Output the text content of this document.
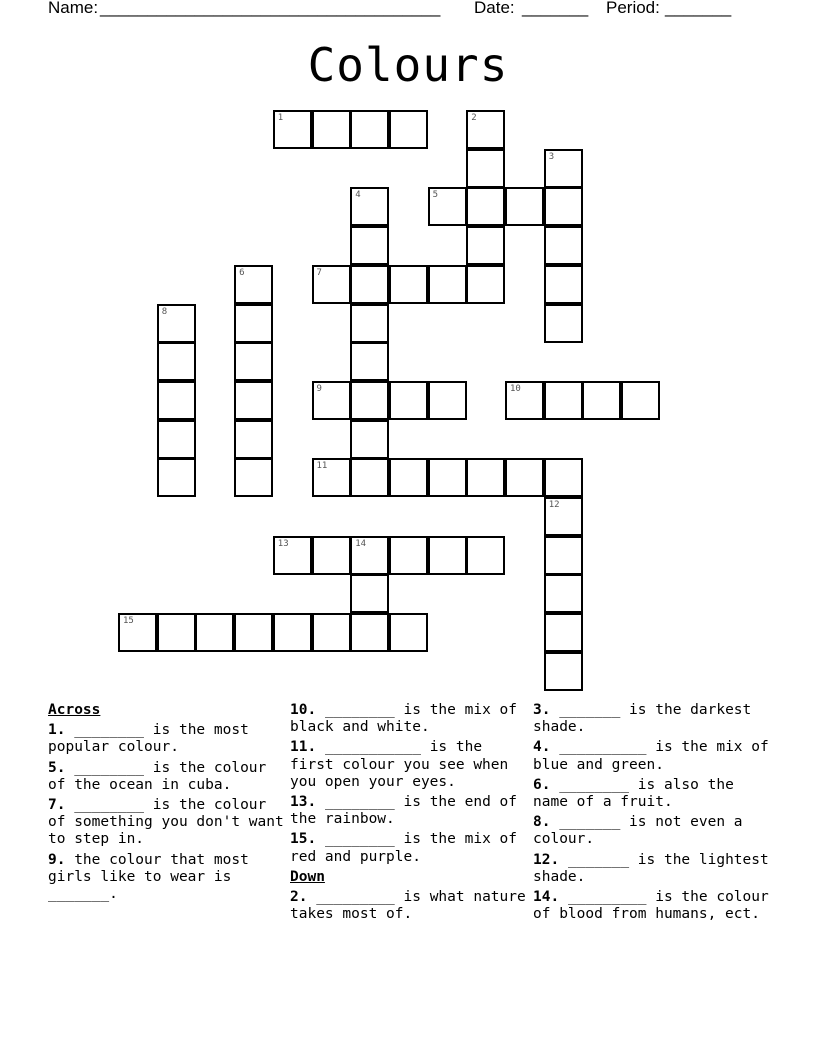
Name: ____________________________________ Date: _______ Period: _______
Colours
1	2
3
4	5
6	7
8
9	10
11
12
13	14
15
Across
1. ________ is the most popular colour.
5. ________ is the colour of the ocean in cuba.
7. ________ is the colour of something you don't want to step in.
9. the colour that most girls like to wear is _______.
10. ________ is the mix of black and white.
11. ___________ is the first colour you see when you open your eyes.
13. ________ is the end of the rainbow.
15. ________ is the mix of red and purple.
Down
2. _________ is what nature takes most of.
3. _______ is the darkest shade.
4. __________ is the mix of blue and green.
6. ________ is also the name of a fruit.
8. _______ is not even a colour.
12. _______ is the lightest shade.
14. _________ is the colour of blood from humans, ect.
